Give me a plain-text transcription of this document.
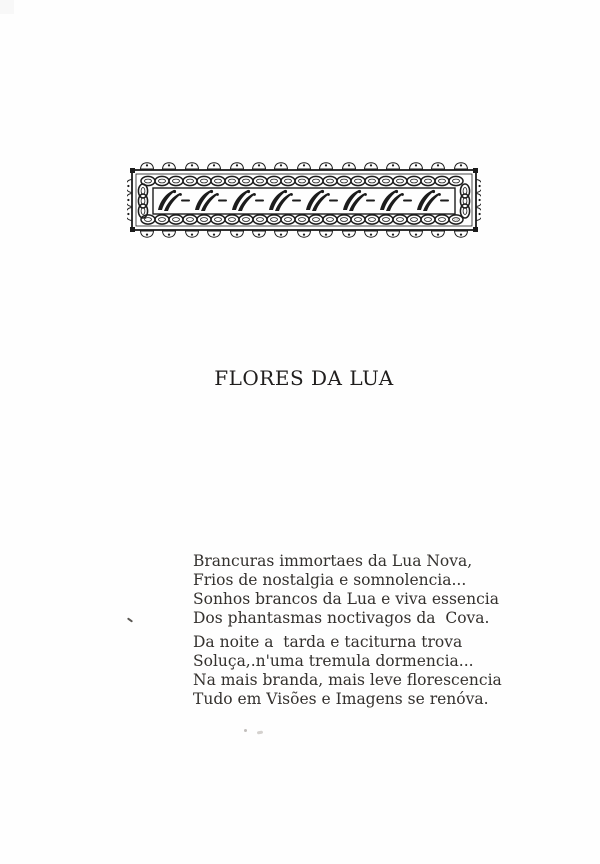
ir
FLORES DA LUA
Brancuras immortaes da Lua Nova,
Frios de nostalgia e somnolencia...
Sonhos brancos da Lua e viva essencia
Dos phantasmas noctivagos da  Cova.
Da noite a  tarda e taciturna trova
Soluça,.n'uma tremula dormencia...
Na mais branda, mais leve florescencia
Tudo em Visões e Imagens se renóva.
